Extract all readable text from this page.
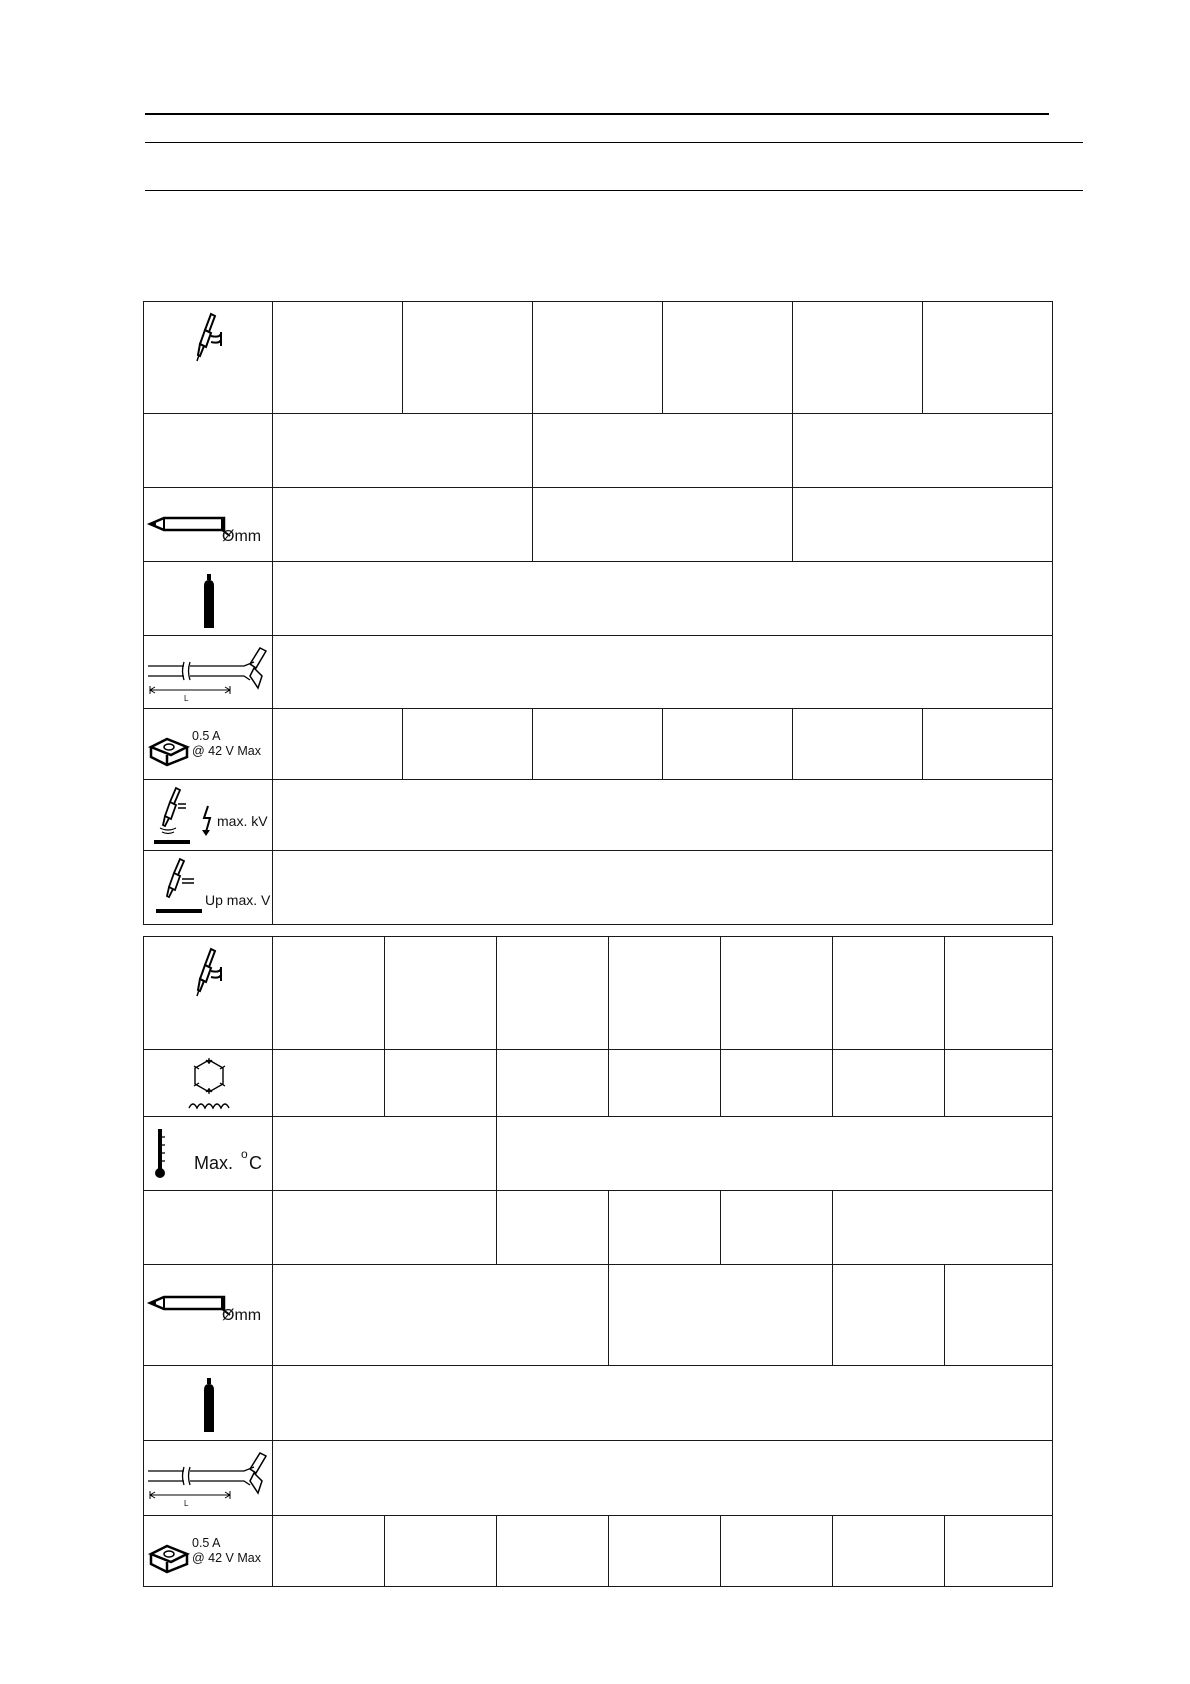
Ømm
L
0.5 A
@ 42 V Max
max. kV
Up max. V
Max. o C
Ømm
L
0.5 A
@ 42 V Max
